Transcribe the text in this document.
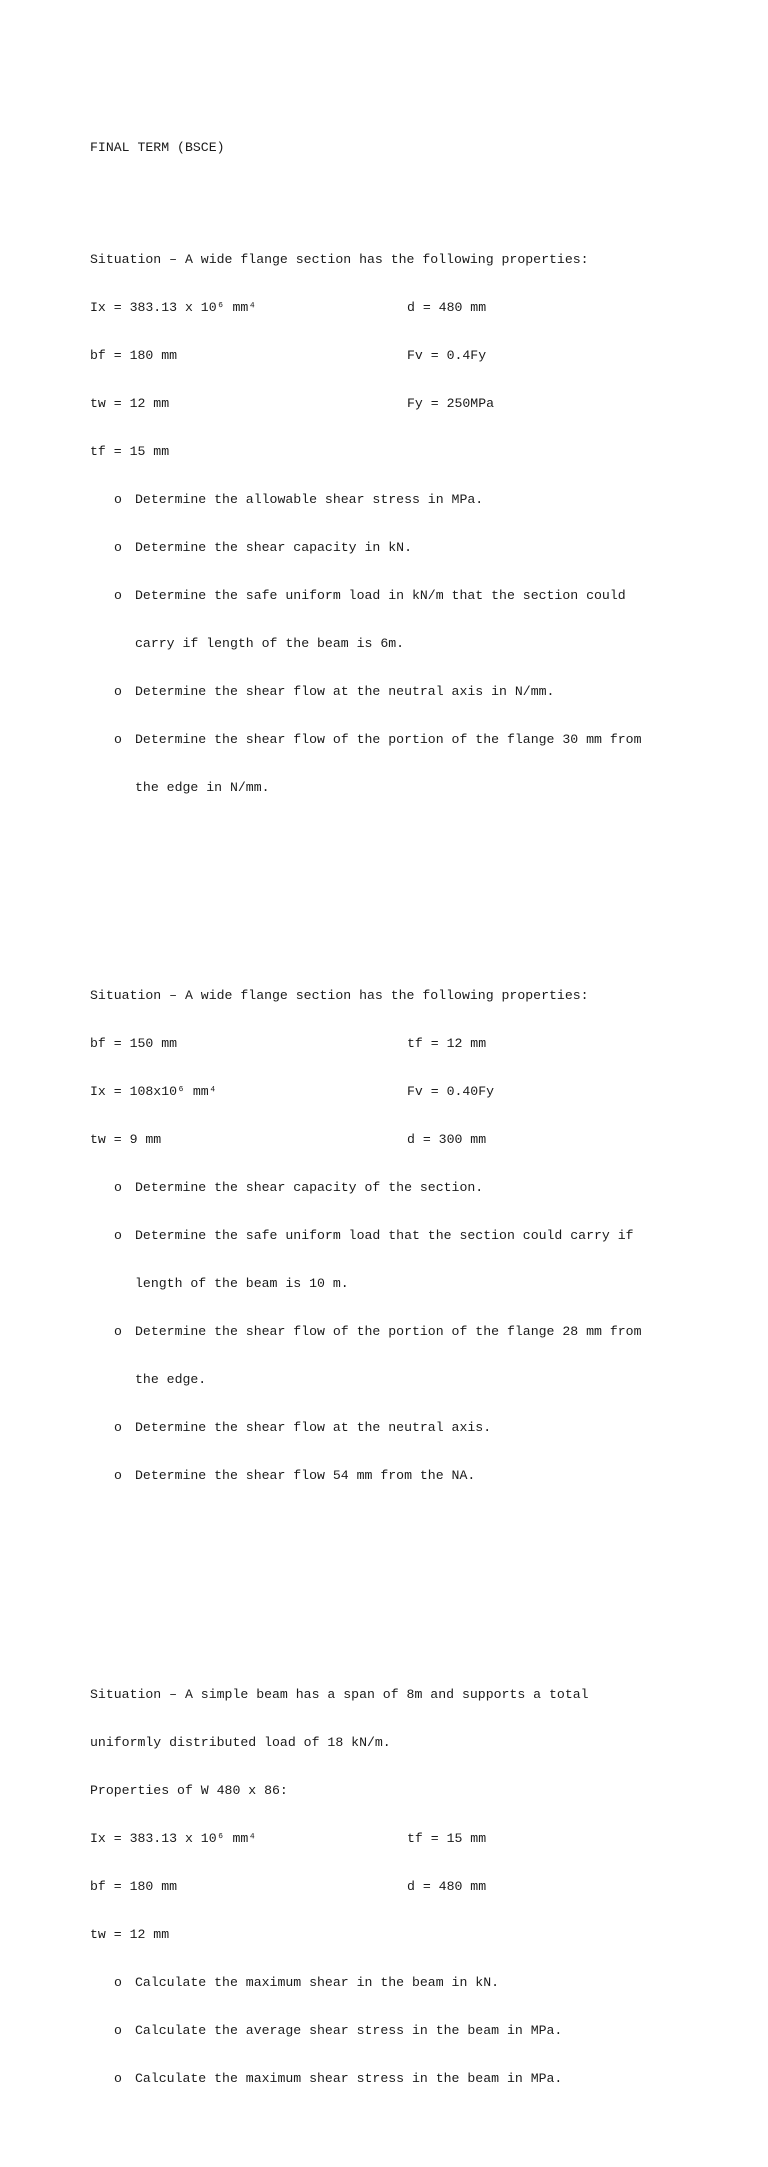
FINAL TERM (BSCE)

Situation – A wide flange section has the following properties:

Ix = 383.13 x 10⁶ mm⁴	d = 480 mm

bf = 180 mm	Fv = 0.4Fy

tw = 12 mm	Fy = 250MPa

tf = 15 mm

o Determine the allowable shear stress in MPa.

o Determine the shear capacity in kN.

o Determine the safe uniform load in kN/m that the section could

carry if length of the beam is 6m.

o Determine the shear flow at the neutral axis in N/mm.

o Determine the shear flow of the portion of the flange 30 mm from

the edge in N/mm.

Situation – A wide flange section has the following properties:

bf = 150 mm	tf = 12 mm

Ix = 108x10⁶ mm⁴	Fv = 0.40Fy

tw = 9 mm	d = 300 mm

o Determine the shear capacity of the section.

o Determine the safe uniform load that the section could carry if

length of the beam is 10 m.

o Determine the shear flow of the portion of the flange 28 mm from

the edge.

o Determine the shear flow at the neutral axis.

o Determine the shear flow 54 mm from the NA.

Situation – A simple beam has a span of 8m and supports a total

uniformly distributed load of 18 kN/m.

Properties of W 480 x 86:

Ix = 383.13 x 10⁶ mm⁴	tf = 15 mm

bf = 180 mm	d = 480 mm

tw = 12 mm

o Calculate the maximum shear in the beam in kN.

o Calculate the average shear stress in the beam in MPa.

o Calculate the maximum shear stress in the beam in MPa.
